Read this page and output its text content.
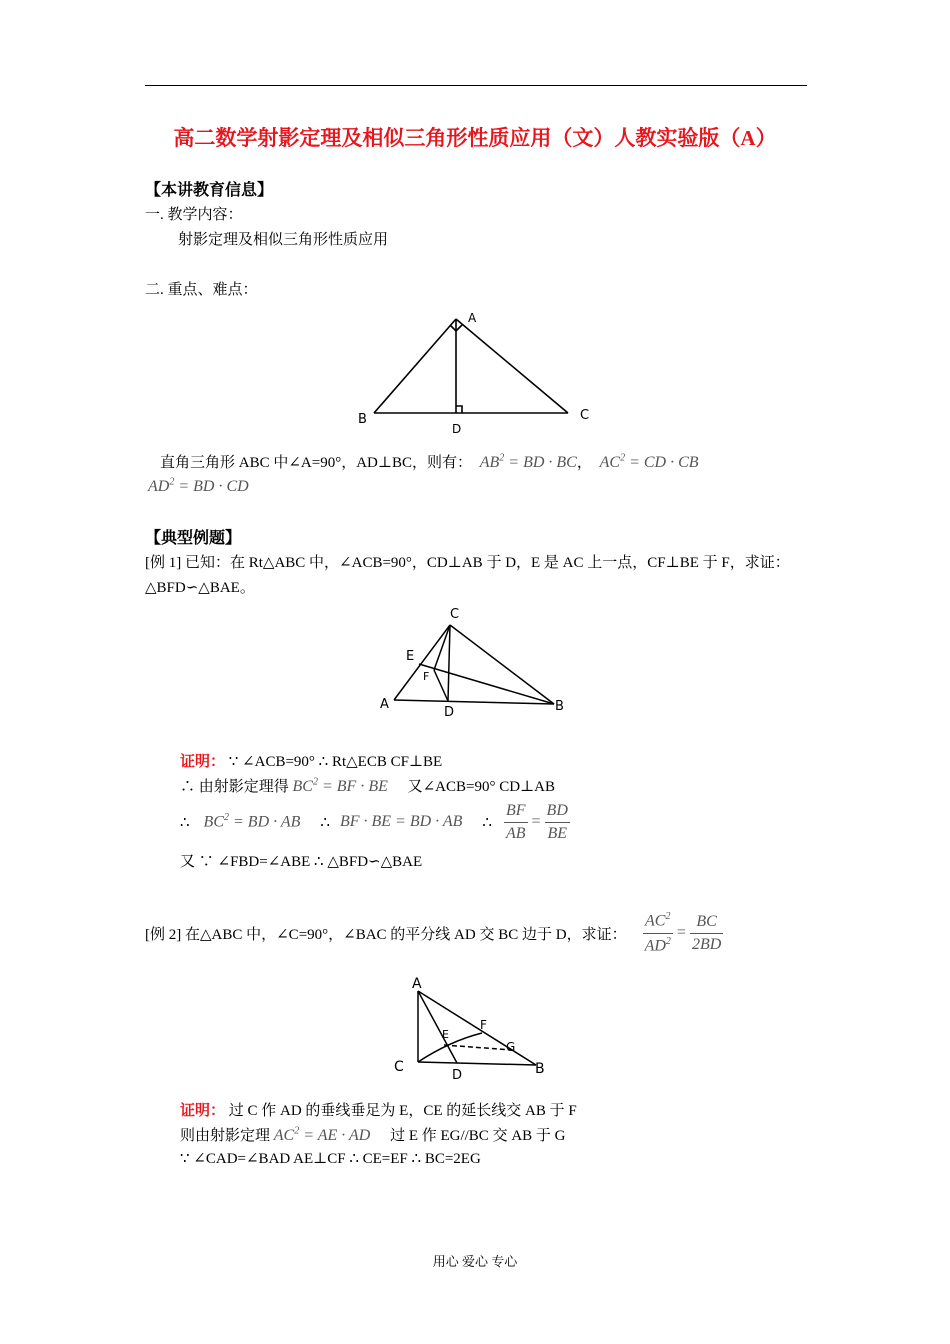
高二数学射影定理及相似三角形性质应用（文）人教实验版（A）
【本讲教育信息】
一. 教学内容：
射影定理及相似三角形性质应用
二. 重点、难点：
A
B	C
D
直角三角形 ABC 中∠A=90°，AD⊥BC，则有： $AB^2$ = BD · BC， $AC^2$ = CD · CB
$AD^2$ = BD · CD
【典型例题】
[例 1] 已知：在 Rt△ABC 中，∠ACB=90°，CD⊥AB 于 D，E 是 AC 上一点，CF⊥BE 于 F，求证：
△BFD∽△BAE。
C
E
F
A
D	B
证明： ∵ ∠ACB=90° ∴ Rt△ECB CF⊥BE
∴ 由射影定理得 $BC^2$ = BF · BE 又∠ACB=90° CD⊥AB
∴ $BC^2$ = BD · AB ∴ BF · BE = BD · AB ∴ $\frac{BF}{AB} = \frac{BD}{BE}$
又 ∵ ∠FBD=∠ABE ∴ △BFD∽△BAE
[例 2] 在△ABC 中，∠C=90°，∠BAC 的平分线 AD 交 BC 边于 D，求证： $\frac{AC^2}{AD^2} = \frac{BC}{2BD}$
A
E
F
G
C
D	B
证明： 过 C 作 AD 的垂线垂足为 E，CE 的延长线交 AB 于 F
则由射影定理 $AC^2$ = AE · AD 过 E 作 EG//BC 交 AB 于 G
∵ ∠CAD=∠BAD AE⊥CF ∴ CE=EF ∴ BC=2EG
用心 爱心 专心
